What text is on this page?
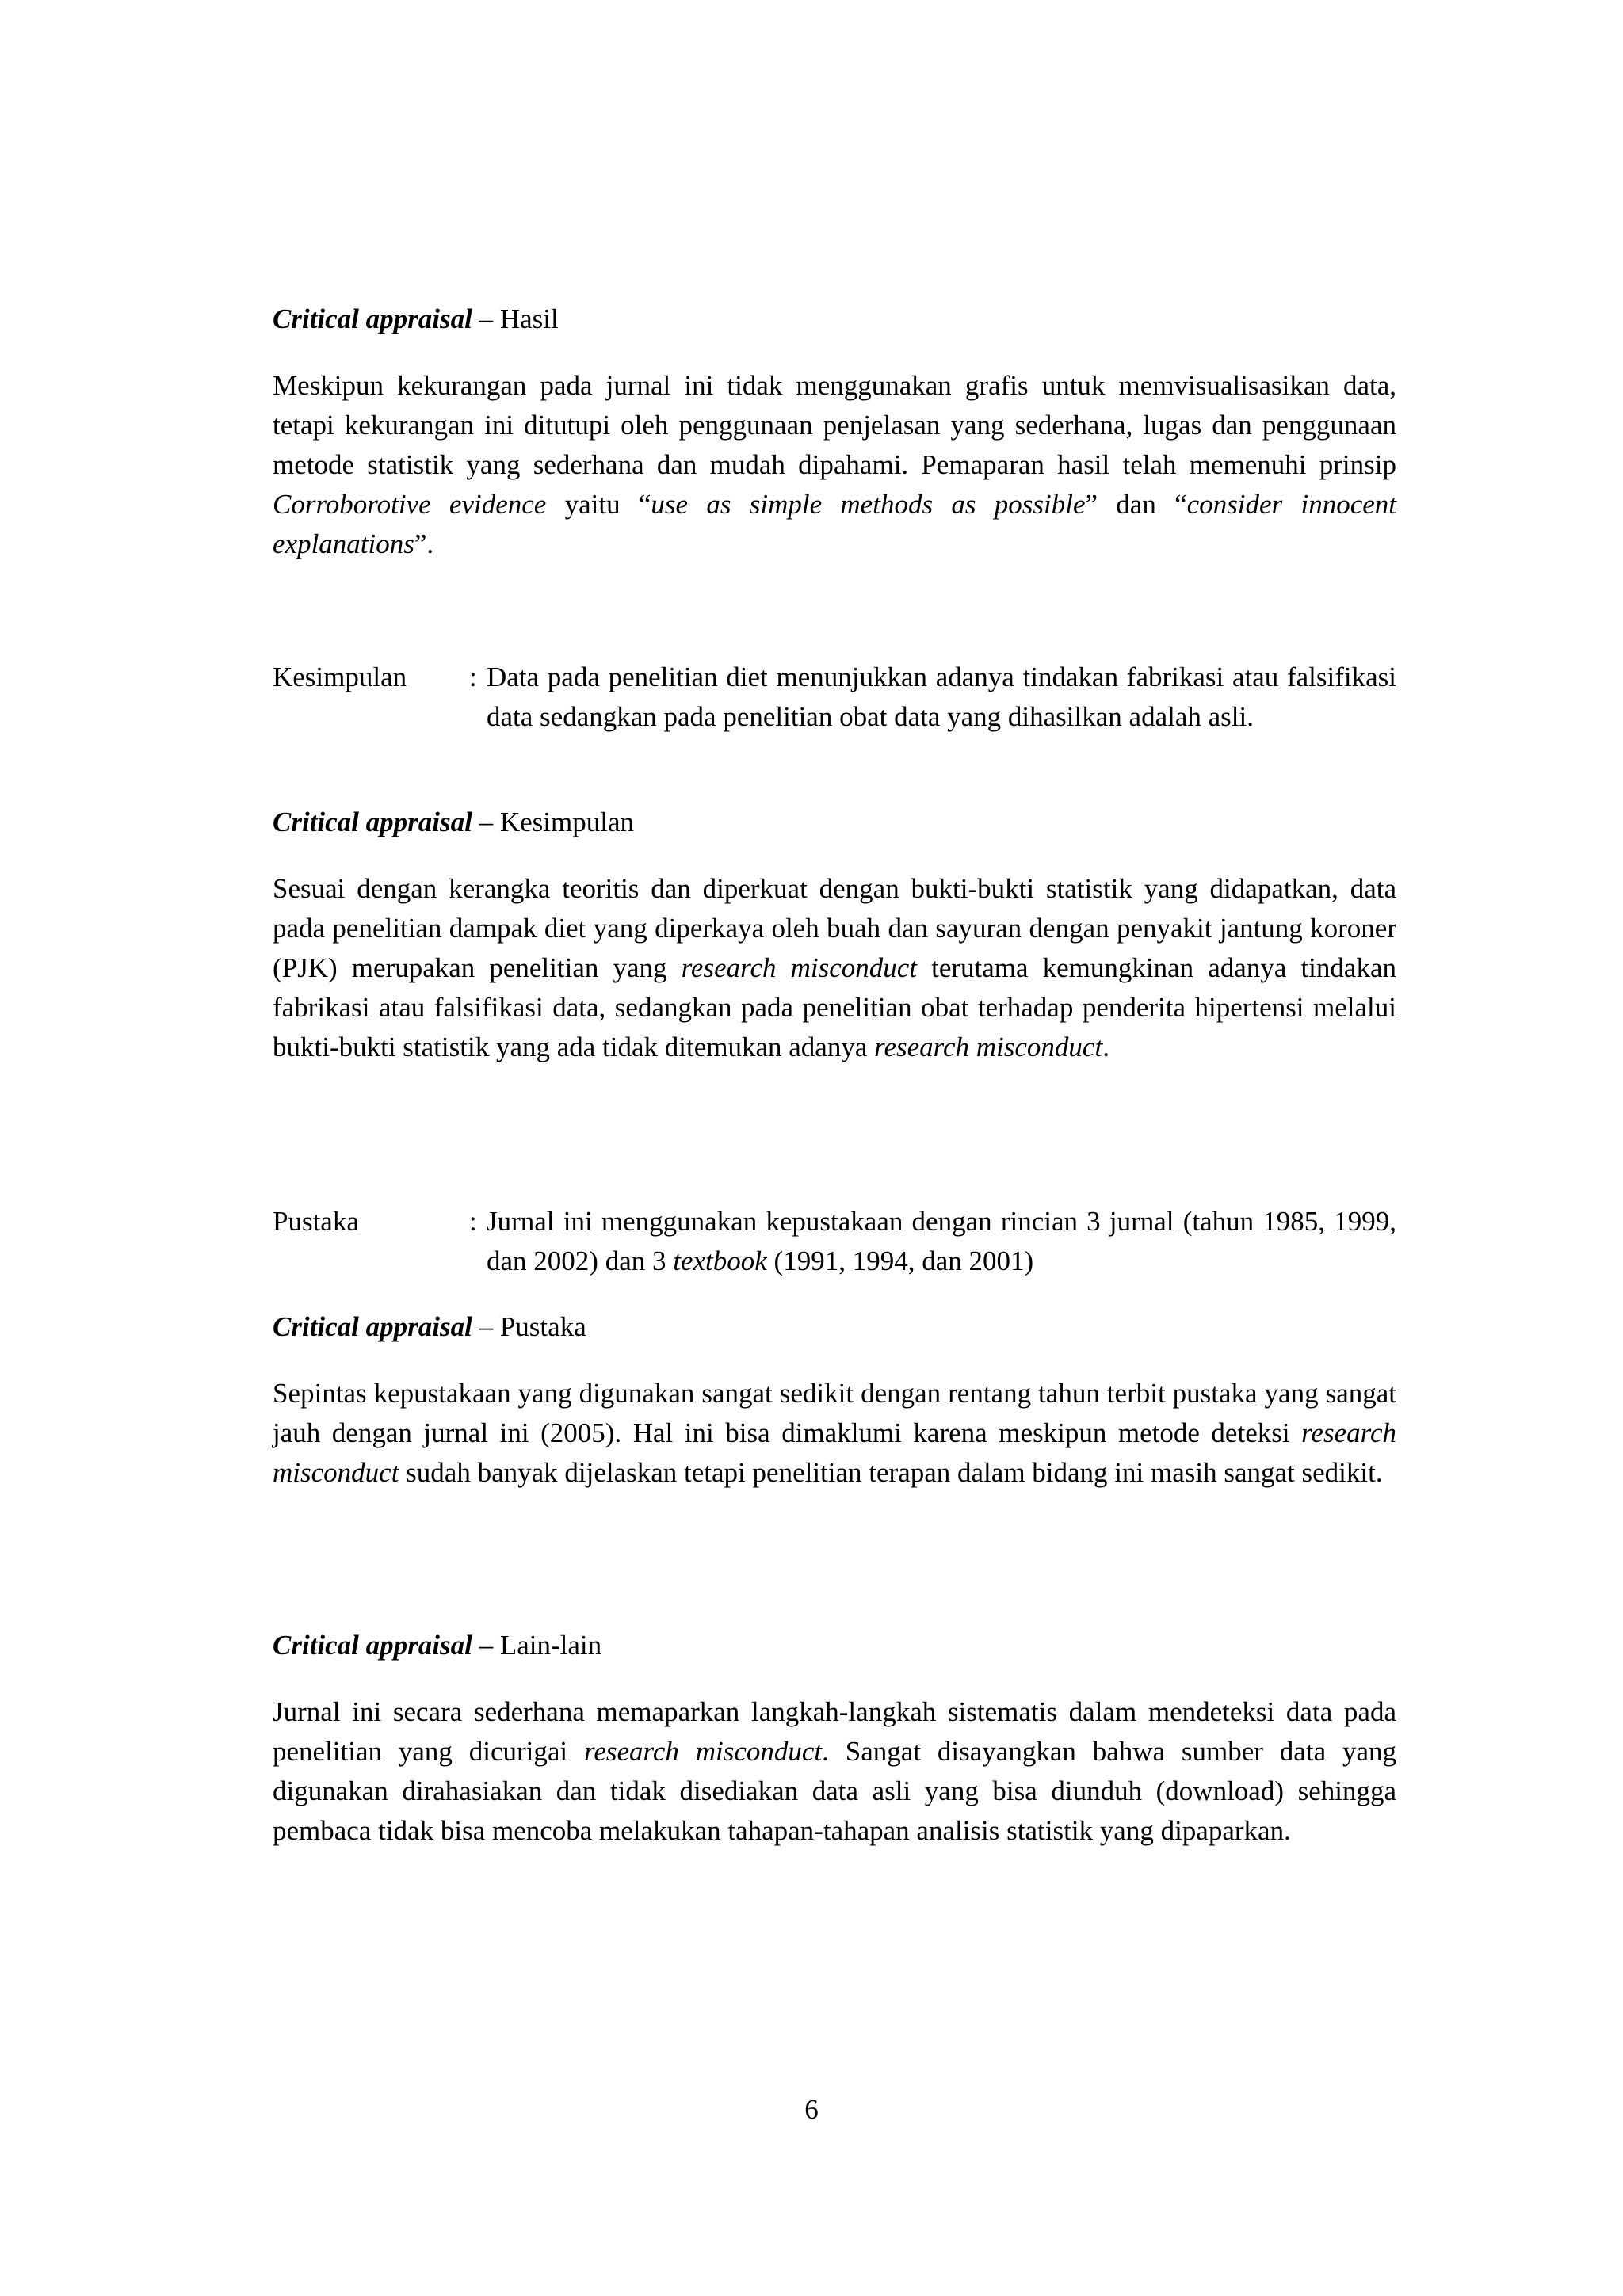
Critical appraisal – Hasil

Meskipun kekurangan pada jurnal ini tidak menggunakan grafis untuk memvisualisasikan data, tetapi kekurangan ini ditutupi oleh penggunaan penjelasan yang sederhana, lugas dan penggunaan metode statistik yang sederhana dan mudah dipahami. Pemaparan hasil telah memenuhi prinsip Corroborotive evidence yaitu “use as simple methods as possible” dan “consider innocent explanations”.

Kesimpulan	: Data pada penelitian diet menunjukkan adanya tindakan fabrikasi atau falsifikasi data sedangkan pada penelitian obat data yang dihasilkan adalah asli.
Critical appraisal – Kesimpulan

Sesuai dengan kerangka teoritis dan diperkuat dengan bukti-bukti statistik yang didapatkan, data pada penelitian dampak diet yang diperkaya oleh buah dan sayuran dengan penyakit jantung koroner (PJK) merupakan penelitian yang research misconduct terutama kemungkinan adanya tindakan fabrikasi atau falsifikasi data, sedangkan pada penelitian obat terhadap penderita hipertensi melalui bukti-bukti statistik yang ada tidak ditemukan adanya research misconduct.

Pustaka	: Jurnal ini menggunakan kepustakaan dengan rincian 3 jurnal (tahun 1985, 1999, dan 2002) dan 3 textbook (1991, 1994, dan 2001)
Critical appraisal – Pustaka

Sepintas kepustakaan yang digunakan sangat sedikit dengan rentang tahun terbit pustaka yang sangat jauh dengan jurnal ini (2005). Hal ini bisa dimaklumi karena meskipun metode deteksi research misconduct sudah banyak dijelaskan tetapi penelitian terapan dalam bidang ini masih sangat sedikit.

Critical appraisal – Lain-lain

Jurnal ini secara sederhana memaparkan langkah-langkah sistematis dalam mendeteksi data pada penelitian yang dicurigai research misconduct. Sangat disayangkan bahwa sumber data yang digunakan dirahasiakan dan tidak disediakan data asli yang bisa diunduh (download) sehingga pembaca tidak bisa mencoba melakukan tahapan-tahapan analisis statistik yang dipaparkan.

6
